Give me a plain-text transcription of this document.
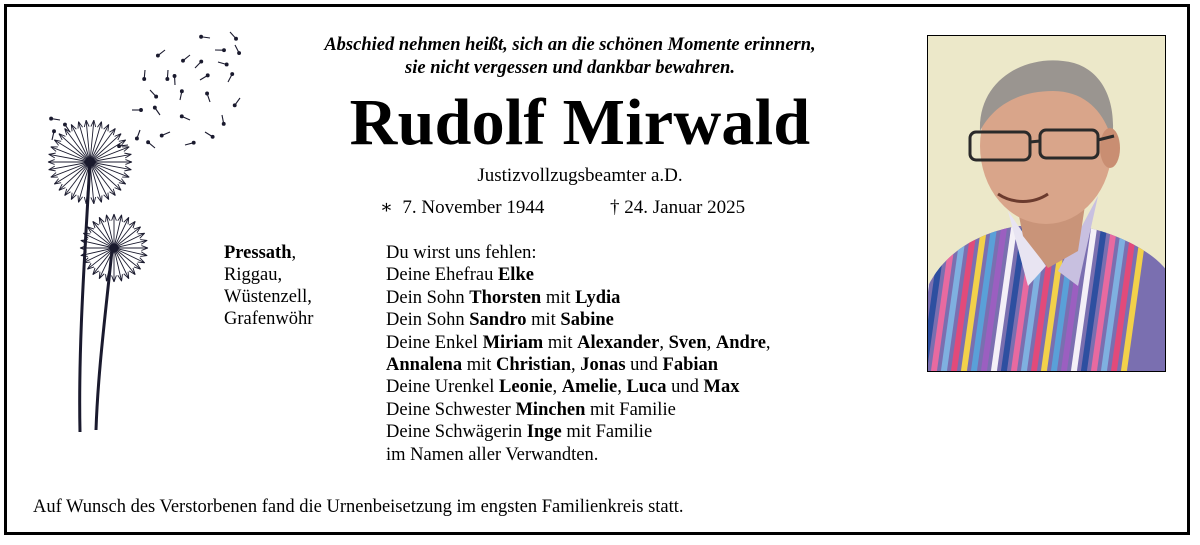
Abschied nehmen heißt, sich an die schönen Momente erinnern,
sie nicht vergessen und dankbar bewahren.
Rudolf Mirwald
Justizvollzugsbeamter a.D.
∗ 7. November 1944	† 24. Januar 2025
Pressath,
Riggau,
Wüstenzell,
Grafenwöhr
Du wirst uns fehlen:
Deine Ehefrau Elke
Dein Sohn Thorsten mit Lydia
Dein Sohn Sandro mit Sabine
Deine Enkel Miriam mit Alexander, Sven, Andre,
Annalena mit Christian, Jonas und Fabian
Deine Urenkel Leonie, Amelie, Luca und Max
Deine Schwester Minchen mit Familie
Deine Schwägerin Inge mit Familie
im Namen aller Verwandten.
Auf Wunsch des Verstorbenen fand die Urnenbeisetzung im engsten Familienkreis statt.
